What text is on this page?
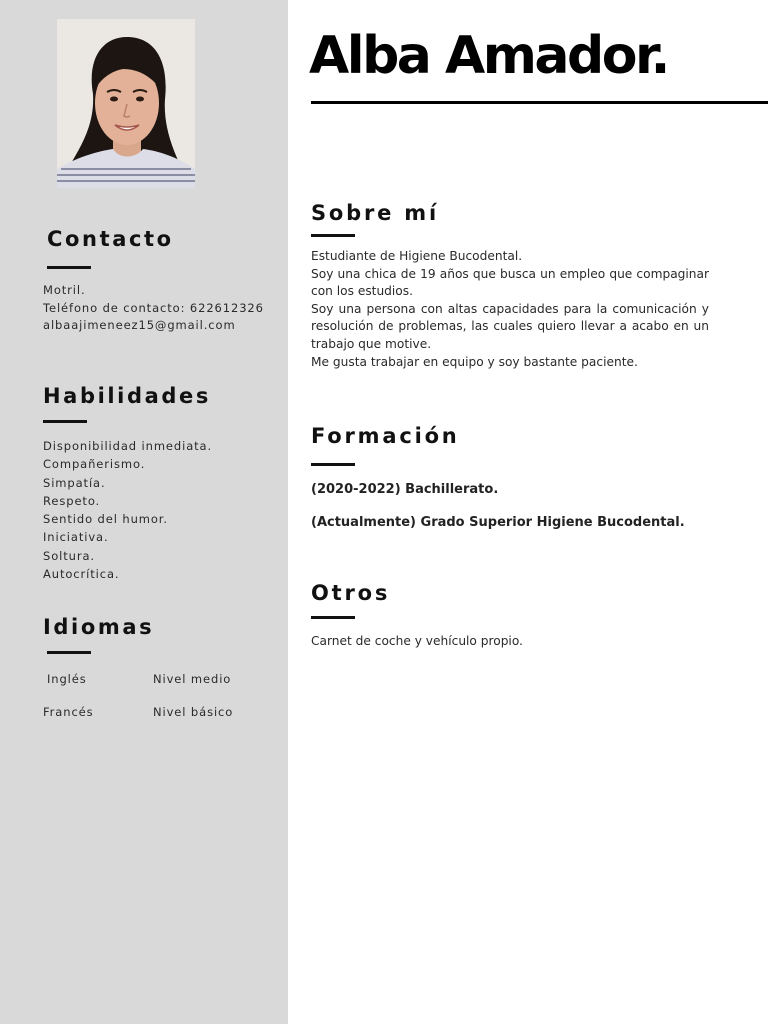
Contacto

Motril.

Teléfono de contacto: 622612326

albaajimeneez15@gmail.com

Habilidades
Disponibilidad inmediata.
Compañerismo.
Simpatía.
Respeto.
Sentido del humor.
Iniciativa.
Soltura.
Autocrítica.
Idiomas
Inglés	Nivel medio
Francés	Nivel básico
Alba Amador.
Sobre mí

Estudiante de Higiene Bucodental.

Soy una chica de 19 años que busca un empleo que compaginar con los estudios.

Soy una persona con altas capacidades para la comunicación y resolución de problemas, las cuales quiero llevar a acabo en un trabajo que motive.

Me gusta trabajar en equipo y soy bastante paciente.

Formación

(2020-2022) Bachillerato.

(Actualmente) Grado Superior Higiene Bucodental.

Otros

Carnet de coche y vehículo propio.
